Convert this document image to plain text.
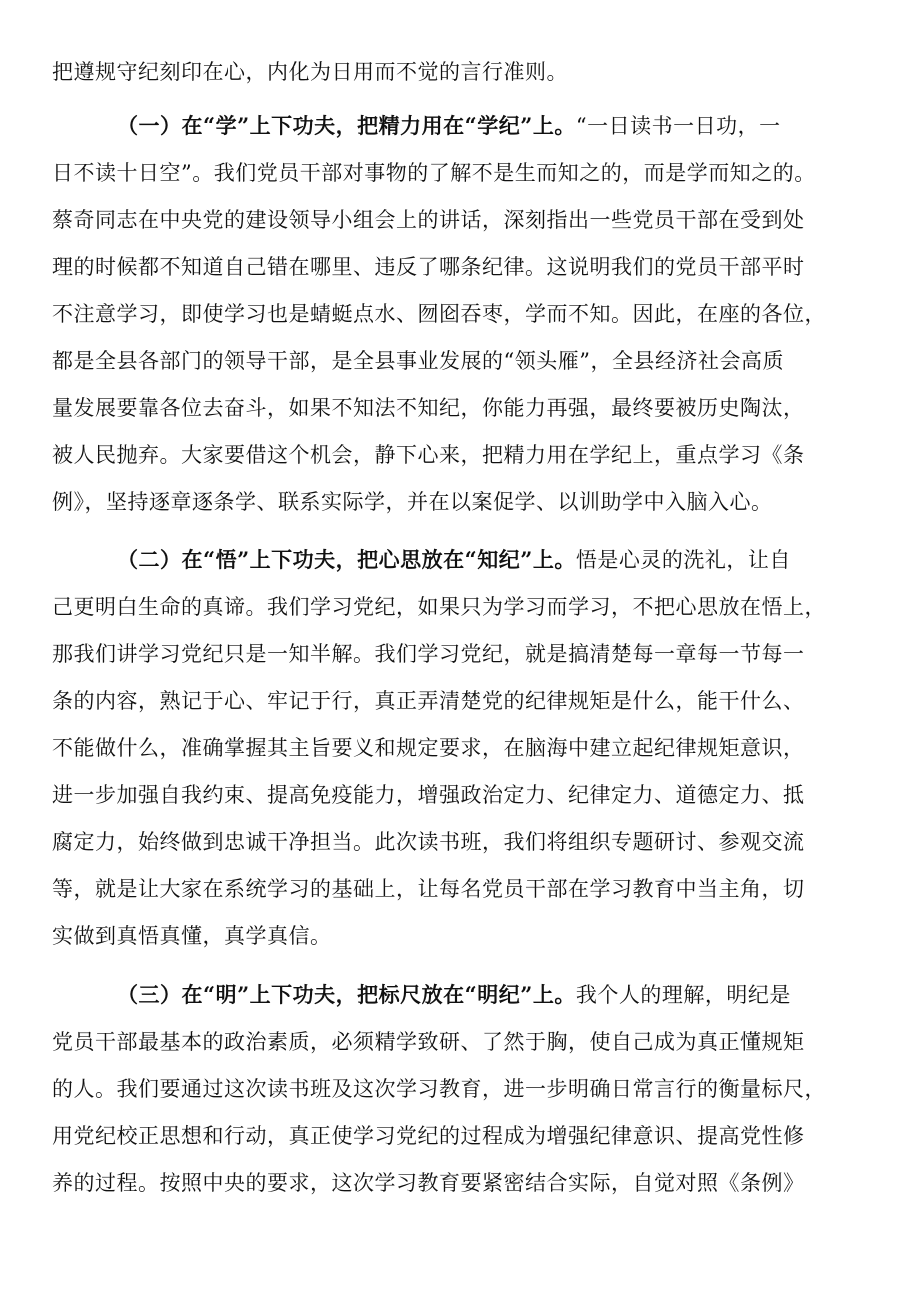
把遵规守纪刻印在心，内化为日用而不觉的言行准则。

（一）在“学”上下功夫，把精力用在“学纪”上。“一日读书一日功，一

日不读十日空”。我们党员干部对事物的了解不是生而知之的，而是学而知之的。

蔡奇同志在中央党的建设领导小组会上的讲话，深刻指出一些党员干部在受到处

理的时候都不知道自己错在哪里、违反了哪条纪律。这说明我们的党员干部平时

不注意学习，即使学习也是蜻蜓点水、囫囵吞枣，学而不知。因此，在座的各位，

都是全县各部门的领导干部，是全县事业发展的“领头雁”，全县经济社会高质

量发展要靠各位去奋斗，如果不知法不知纪，你能力再强，最终要被历史陶汰，

被人民抛弃。大家要借这个机会，静下心来，把精力用在学纪上，重点学习《条

例》，坚持逐章逐条学、联系实际学，并在以案促学、以训助学中入脑入心。

（二）在“悟”上下功夫，把心思放在“知纪”上。悟是心灵的洗礼，让自

己更明白生命的真谛。我们学习党纪，如果只为学习而学习，不把心思放在悟上，

那我们讲学习党纪只是一知半解。我们学习党纪，就是搞清楚每一章每一节每一

条的内容，熟记于心、牢记于行，真正弄清楚党的纪律规矩是什么，能干什么、

不能做什么，准确掌握其主旨要义和规定要求，在脑海中建立起纪律规矩意识，

进一步加强自我约束、提高免疫能力，增强政治定力、纪律定力、道德定力、抵

腐定力，始终做到忠诚干净担当。此次读书班，我们将组织专题研讨、参观交流

等，就是让大家在系统学习的基础上，让每名党员干部在学习教育中当主角，切

实做到真悟真懂，真学真信。

（三）在“明”上下功夫，把标尺放在“明纪”上。我个人的理解，明纪是

党员干部最基本的政治素质，必须精学致研、了然于胸，使自己成为真正懂规矩

的人。我们要通过这次读书班及这次学习教育，进一步明确日常言行的衡量标尺，

用党纪校正思想和行动，真正使学习党纪的过程成为增强纪律意识、提高党性修

养的过程。按照中央的要求，这次学习教育要紧密结合实际，自觉对照《条例》
